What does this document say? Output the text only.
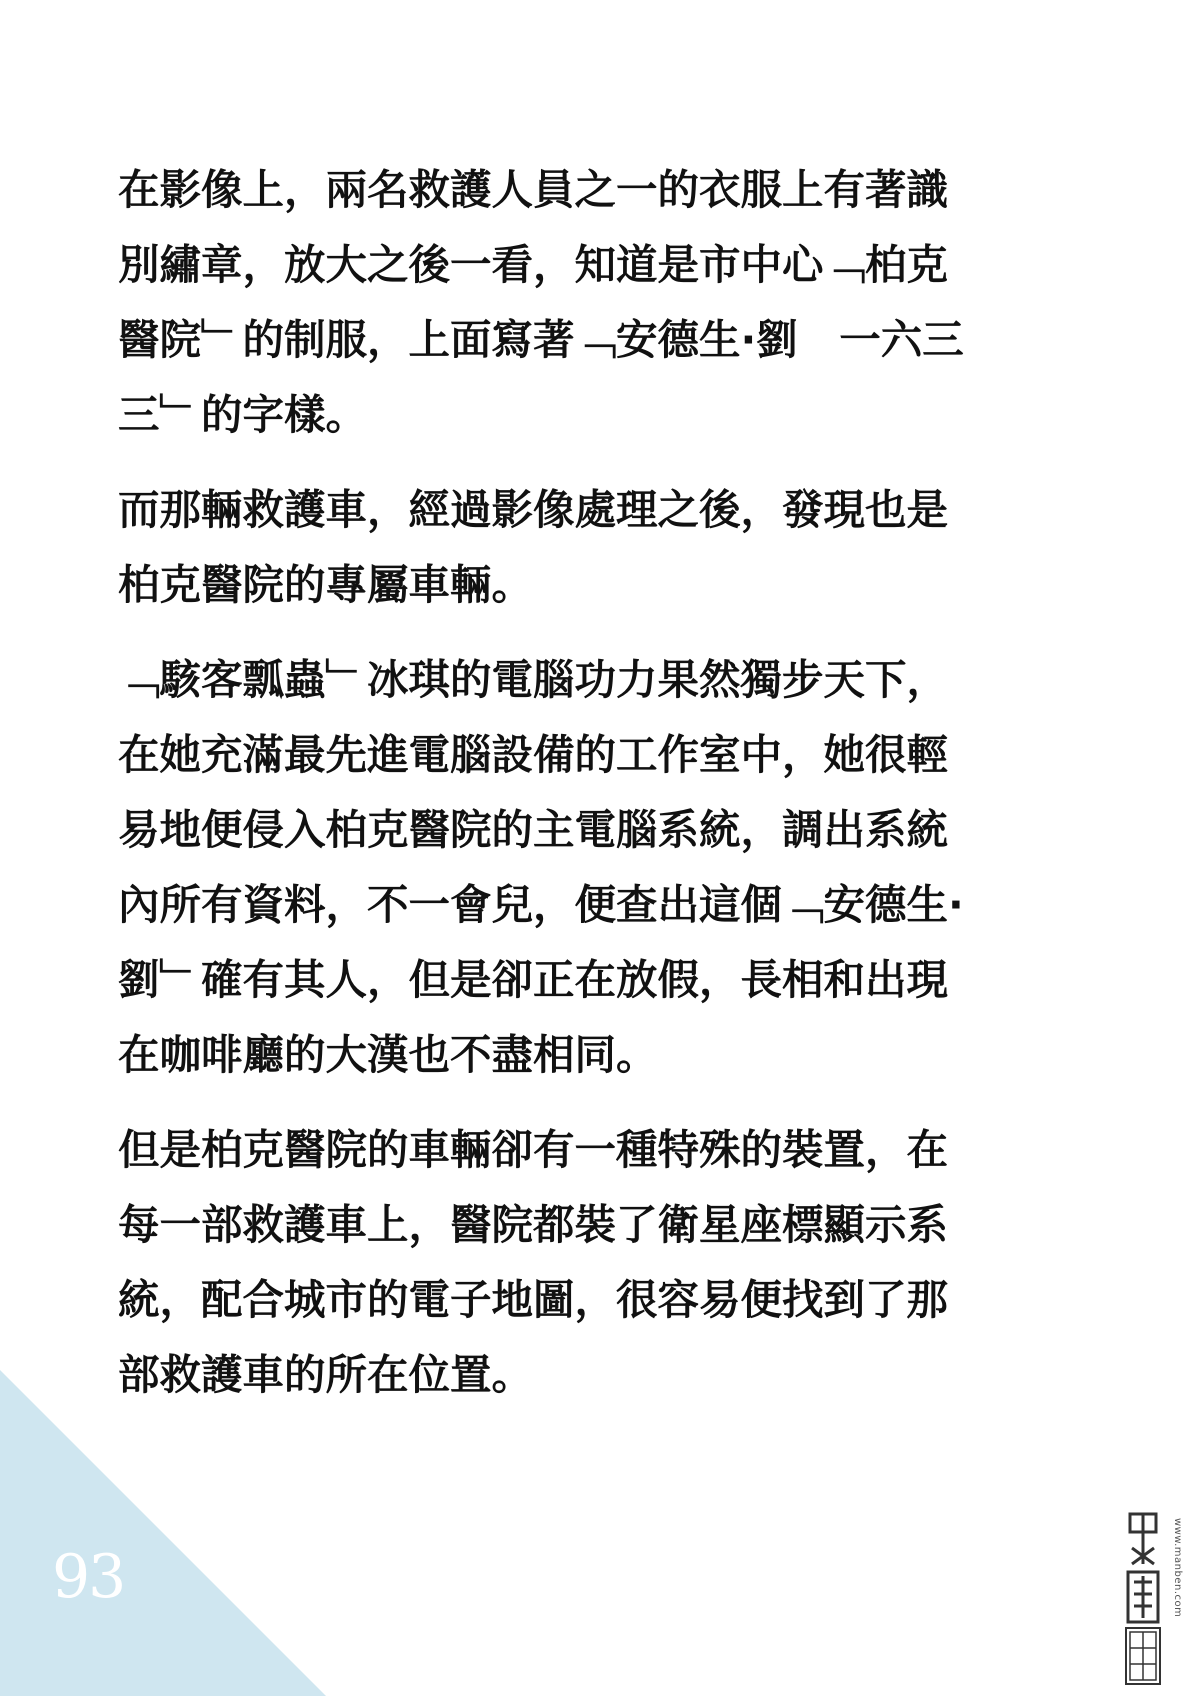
在影像上，兩名救護人員之一的衣服上有著識
別繡章，放大之後一看，知道是市中心﹁柏克
醫院﹂的制服，上面寫著﹁安德生·劉　一六三
三﹂的字樣。

而那輛救護車，經過影像處理之後，發現也是
柏克醫院的專屬車輛。

﹁駭客瓢蟲﹂冰琪的電腦功力果然獨步天下，
在她充滿最先進電腦設備的工作室中，她很輕
易地便侵入柏克醫院的主電腦系統，調出系統
內所有資料，不一會兒，便查出這個﹁安德生·
劉﹂確有其人，但是卻正在放假，長相和出現
在咖啡廳的大漢也不盡相同。

但是柏克醫院的車輛卻有一種特殊的裝置，在
每一部救護車上，醫院都裝了衛星座標顯示系
統，配合城市的電子地圖，很容易便找到了那
部救護車的所在位置。

93	www.manben.com
